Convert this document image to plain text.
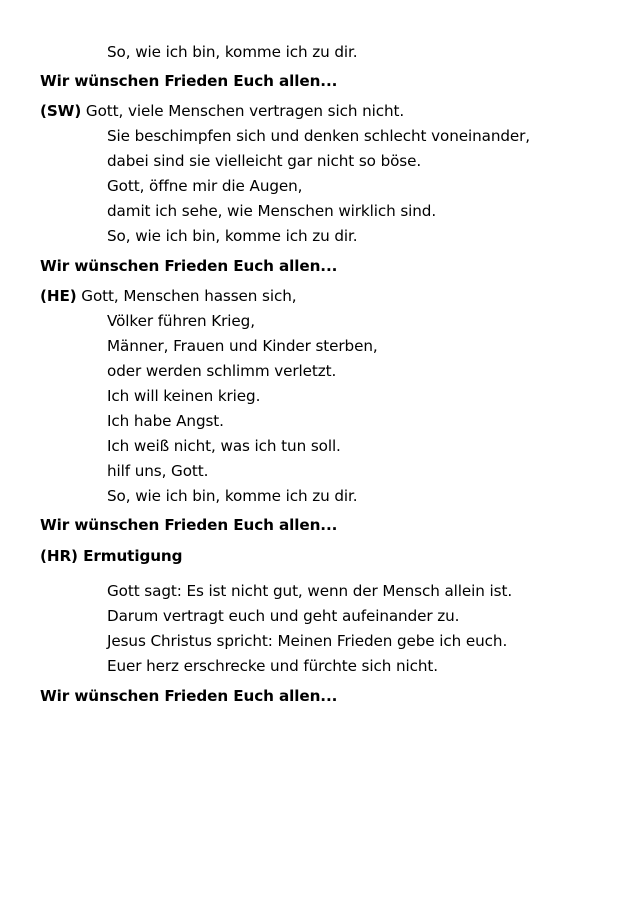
So, wie ich bin, komme ich zu dir.
Wir wünschen Frieden Euch allen...
(SW) Gott, viele Menschen vertragen sich nicht.
Sie beschimpfen sich und denken schlecht voneinander,
dabei sind sie vielleicht gar nicht so böse.
Gott, öffne mir die Augen,
damit ich sehe, wie Menschen wirklich sind.
So, wie ich bin, komme ich zu dir.
Wir wünschen Frieden Euch allen...
(HE) Gott, Menschen hassen sich,
Völker führen Krieg,
Männer, Frauen und Kinder sterben,
oder werden schlimm verletzt.
Ich will keinen krieg.
Ich habe Angst.
Ich weiß nicht, was ich tun soll.
hilf uns, Gott.
So, wie ich bin, komme ich zu dir.
Wir wünschen Frieden Euch allen...
(HR) Ermutigung
Gott sagt: Es ist nicht gut, wenn der Mensch allein ist.
Darum vertragt euch und geht aufeinander zu.
Jesus Christus spricht: Meinen Frieden gebe ich euch.
Euer herz erschrecke und fürchte sich nicht.
Wir wünschen Frieden Euch allen...
